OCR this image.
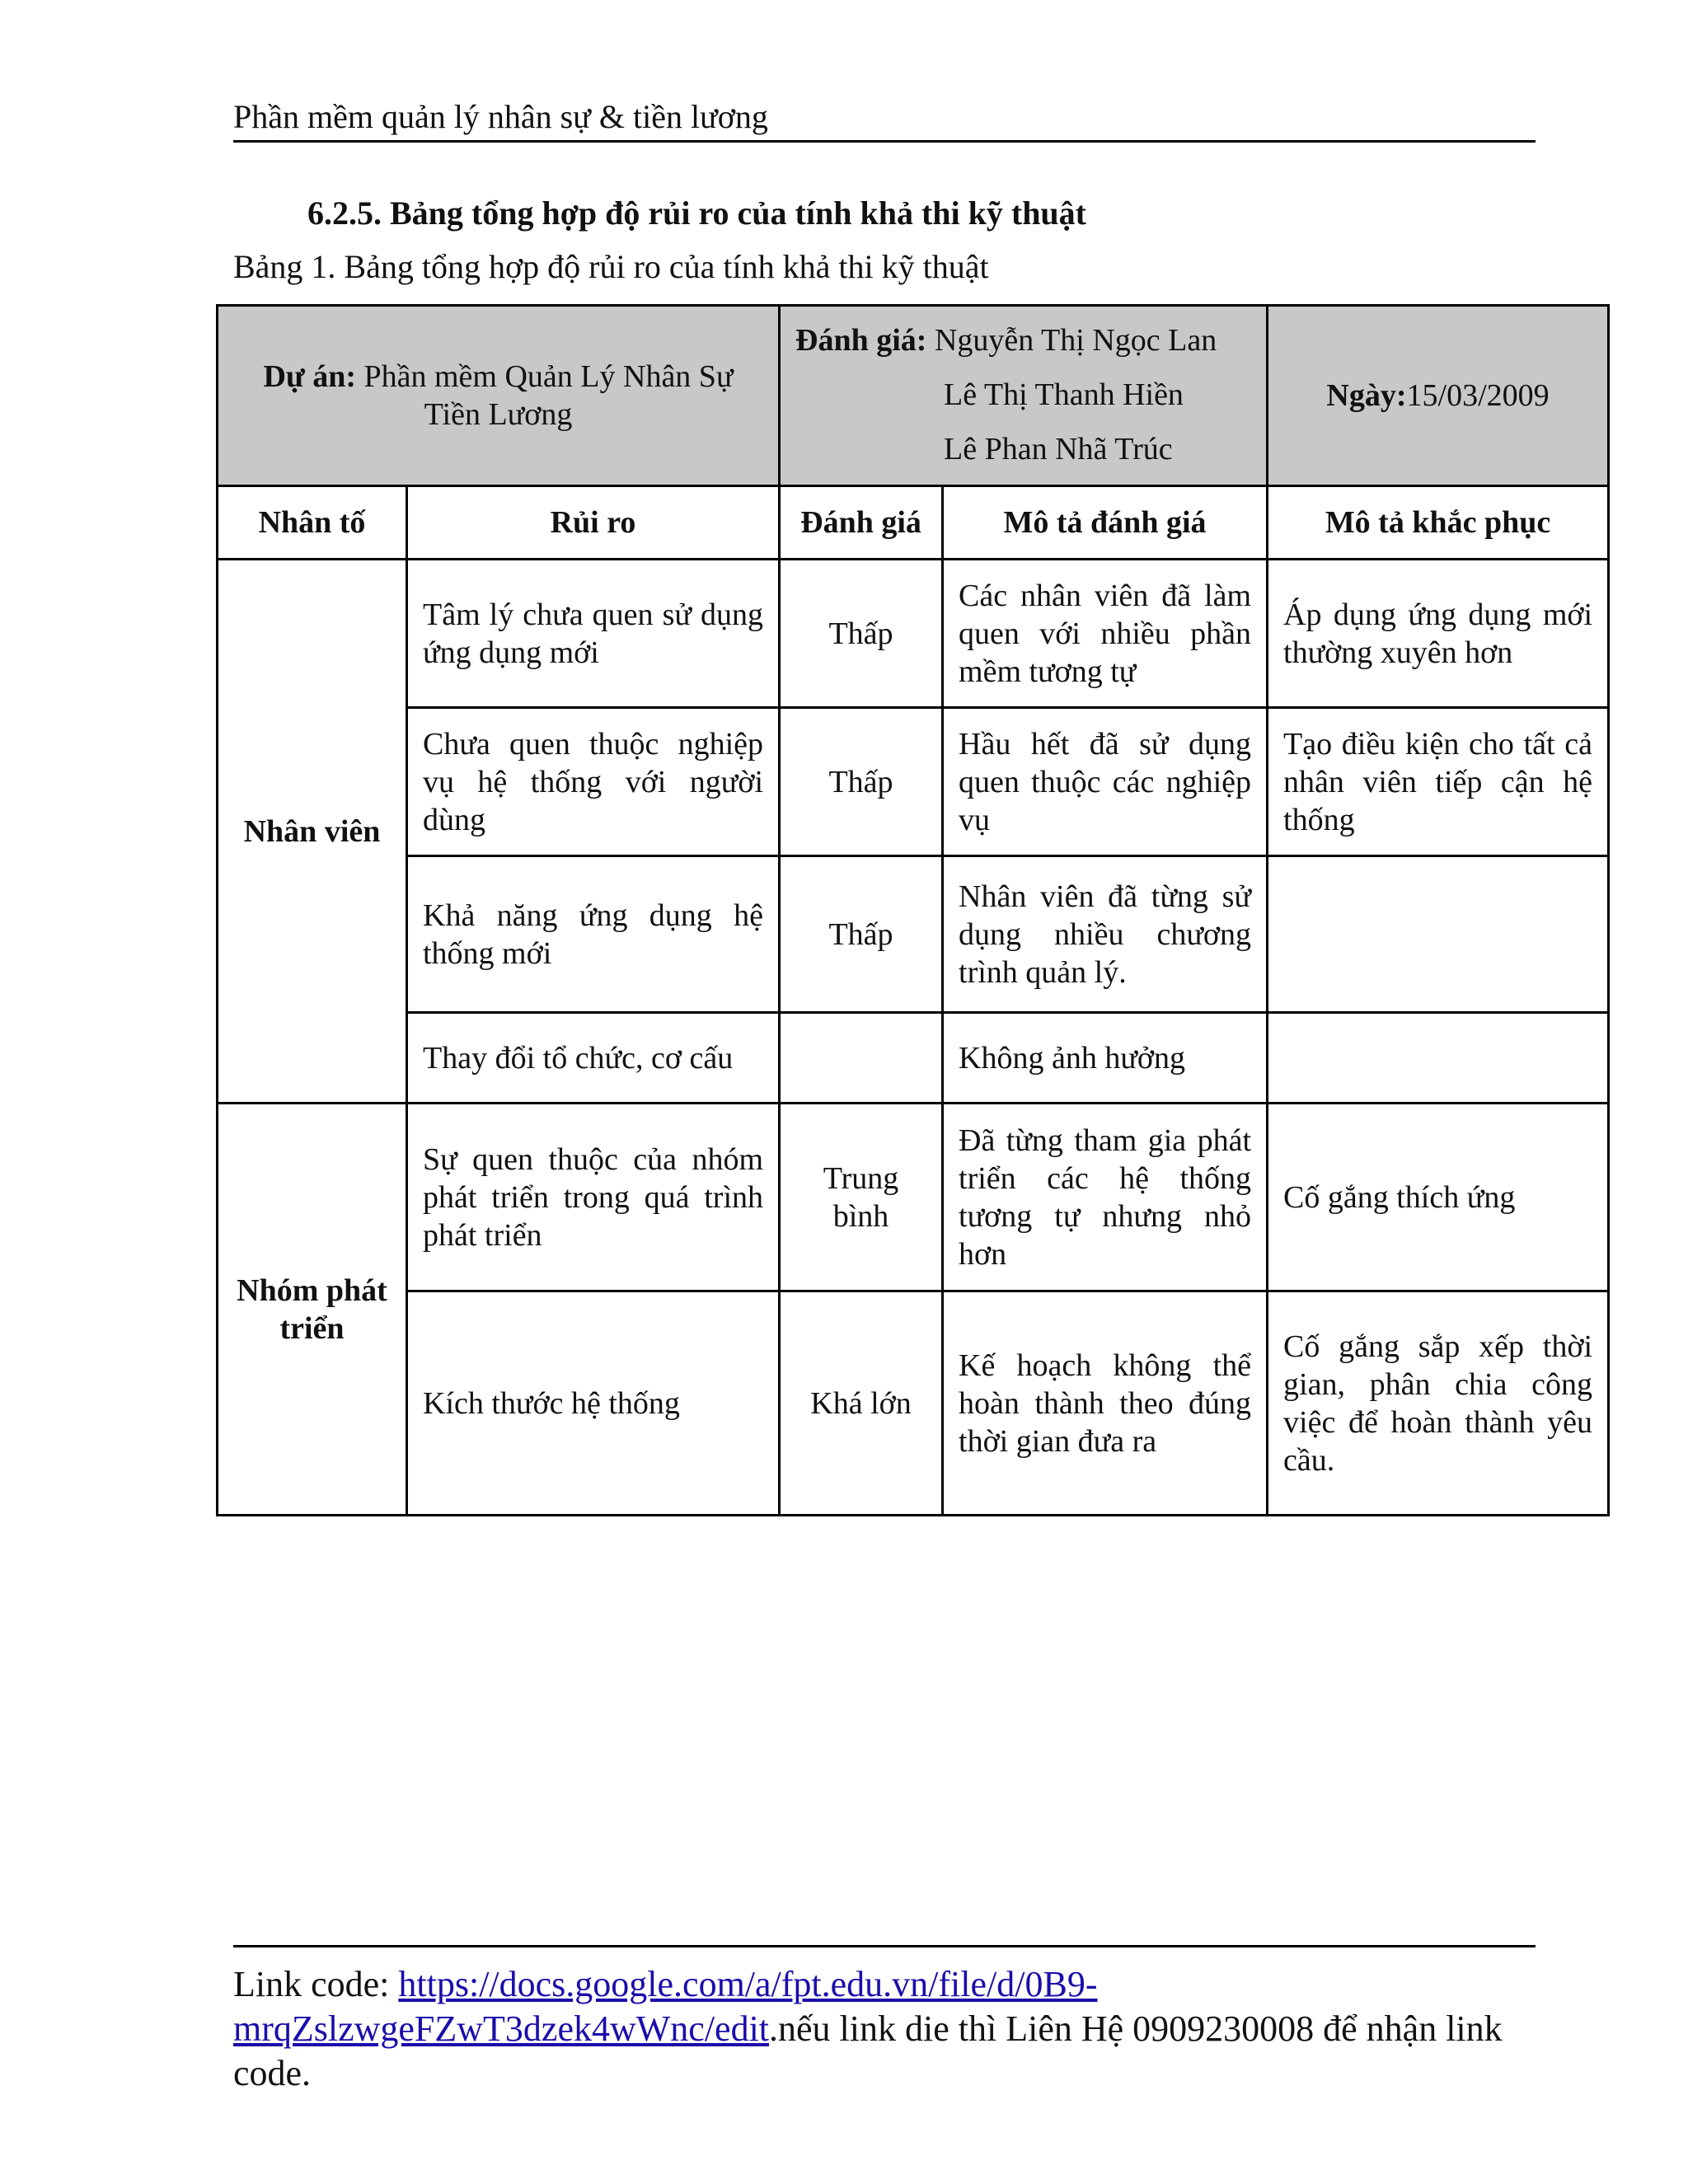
Phần mềm quản lý nhân sự & tiền lương
6.2.5. Bảng tổng hợp độ rủi ro của tính khả thi kỹ thuật
Bảng 1. Bảng tổng hợp độ rủi ro của tính khả thi kỹ thuật
Dự án: Phần mềm Quản Lý Nhân Sự Tiền Lương		Đánh giá: Nguyễn Thị Ngọc Lan
Lê Thị Thanh Hiền
Lê Phan Nhã Trúc		Ngày:15/03/2009
Nhân tố	Rủi ro	Đánh giá	Mô tả đánh giá	Mô tả khắc phục
Nhân viên	Tâm lý chưa quen sử dụng ứng dụng mới	Thấp	Các nhân viên đã làm quen với nhiều phần mềm tương tự	Áp dụng ứng dụng mới thường xuyên hơn
	Chưa quen thuộc nghiệp vụ hệ thống với người dùng	Thấp	Hầu hết đã sử dụng quen thuộc các nghiệp vụ	Tạo điều kiện cho tất cả nhân viên tiếp cận hệ thống
	Khả năng ứng dụng hệ thống mới	Thấp	Nhân viên đã từng sử dụng nhiều chương trình quản lý.	
	Thay đổi tổ chức, cơ cấu		Không ảnh hưởng	
Nhóm phát triển	Sự quen thuộc của nhóm phát triển trong quá trình phát triển	Trung bình	Đã từng tham gia phát triển các hệ thống tương tự nhưng nhỏ hơn	Cố gắng thích ứng
	Kích thước hệ thống	Khá lớn	Kế hoạch không thể hoàn thành theo đúng thời gian đưa ra	Cố gắng sắp xếp thời gian, phân chia công việc để hoàn thành yêu cầu.
Link code: https://docs.google.com/a/fpt.edu.vn/file/d/0B9-mrqZslzwgeFZwT3dzek4wWnc/edit.nếu link die thì Liên Hệ 0909230008 để nhận link code.
